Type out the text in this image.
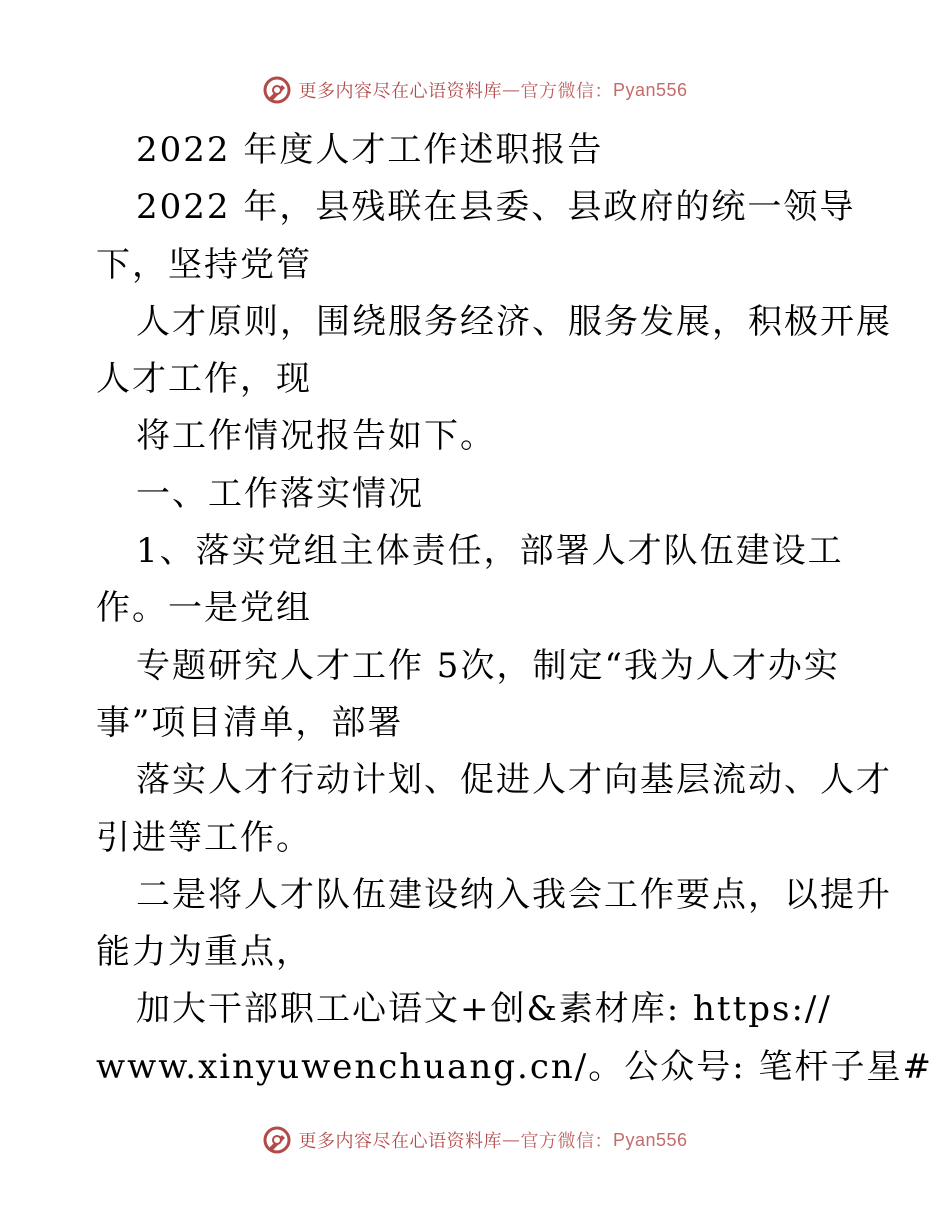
更多内容尽在心语资料库 — 官方微信： Pyan556
2022 年度人才工作述职报告
2022 年，县残联在县委、县政府的统一领导
下，坚持党管
人才原则，围绕服务经济、服务发展，积极开展
人才工作，现
将工作情况报告如下。
一、工作落实情况
1、落实党组主体责任，部署人才队伍建设工
作。一是党组
专题研究人才工作 5次，制定“我为人才办实
事”项目清单，部署
落实人才行动计划、促进人才向基层流动、人才
引进等工作。
二是将人才队伍建设纳入我会工作要点，以提升
能力为重点，
加大干部职工心语文+创&素材库: https://
www.xinyuwenchuang.cn/。公众号: 笔杆子星#
更多内容尽在心语资料库 — 官方微信： Pyan556
